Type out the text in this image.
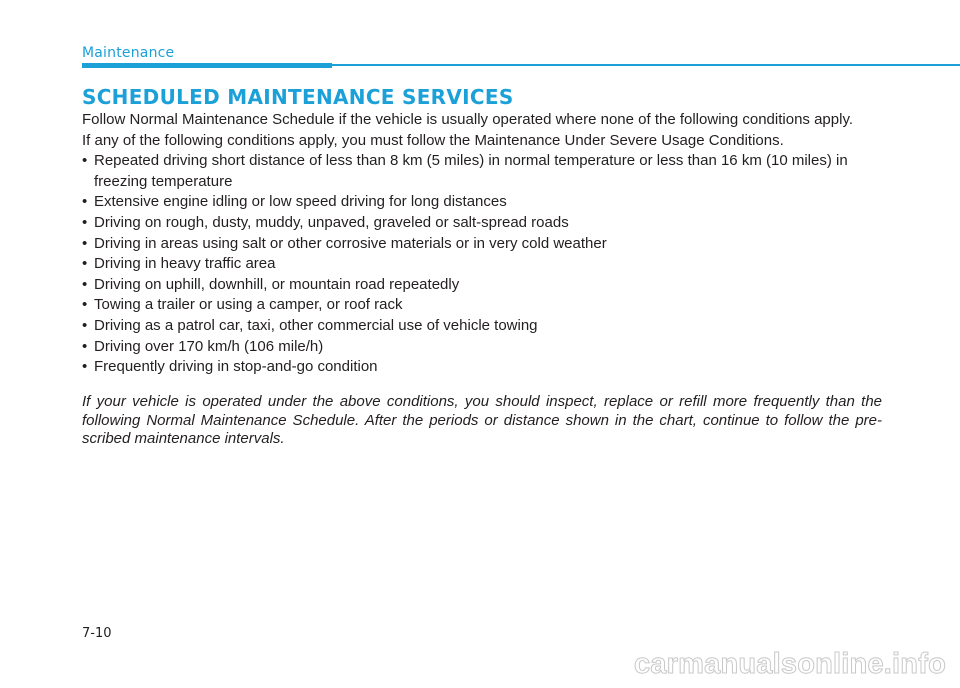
Maintenance
SCHEDULED MAINTENANCE SERVICES

Follow Normal Maintenance Schedule if the vehicle is usually operated where none of the following conditions apply.

If any of the following conditions apply, you must follow the Maintenance Under Severe Usage Conditions.

• Repeated driving short distance of less than 8 km (5 miles) in normal temperature or less than 16 km (10 miles) in freezing temperature
• Extensive engine idling or low speed driving for long distances
• Driving on rough, dusty, muddy, unpaved, graveled or salt-spread roads
• Driving in areas using salt or other corrosive materials or in very cold weather
• Driving in heavy traffic area
• Driving on uphill, downhill, or mountain road repeatedly
• Towing a trailer or using a camper, or roof rack
• Driving as a patrol car, taxi, other commercial use of vehicle towing
• Driving over 170 km/h (106 mile/h)
• Frequently driving in stop-and-go condition

If your vehicle is operated under the above conditions, you should inspect, replace or refill more frequently than the following Normal Maintenance Schedule. After the periods or distance shown in the chart, continue to follow the pre-scribed maintenance intervals.

7-10
carmanualsonline.info
